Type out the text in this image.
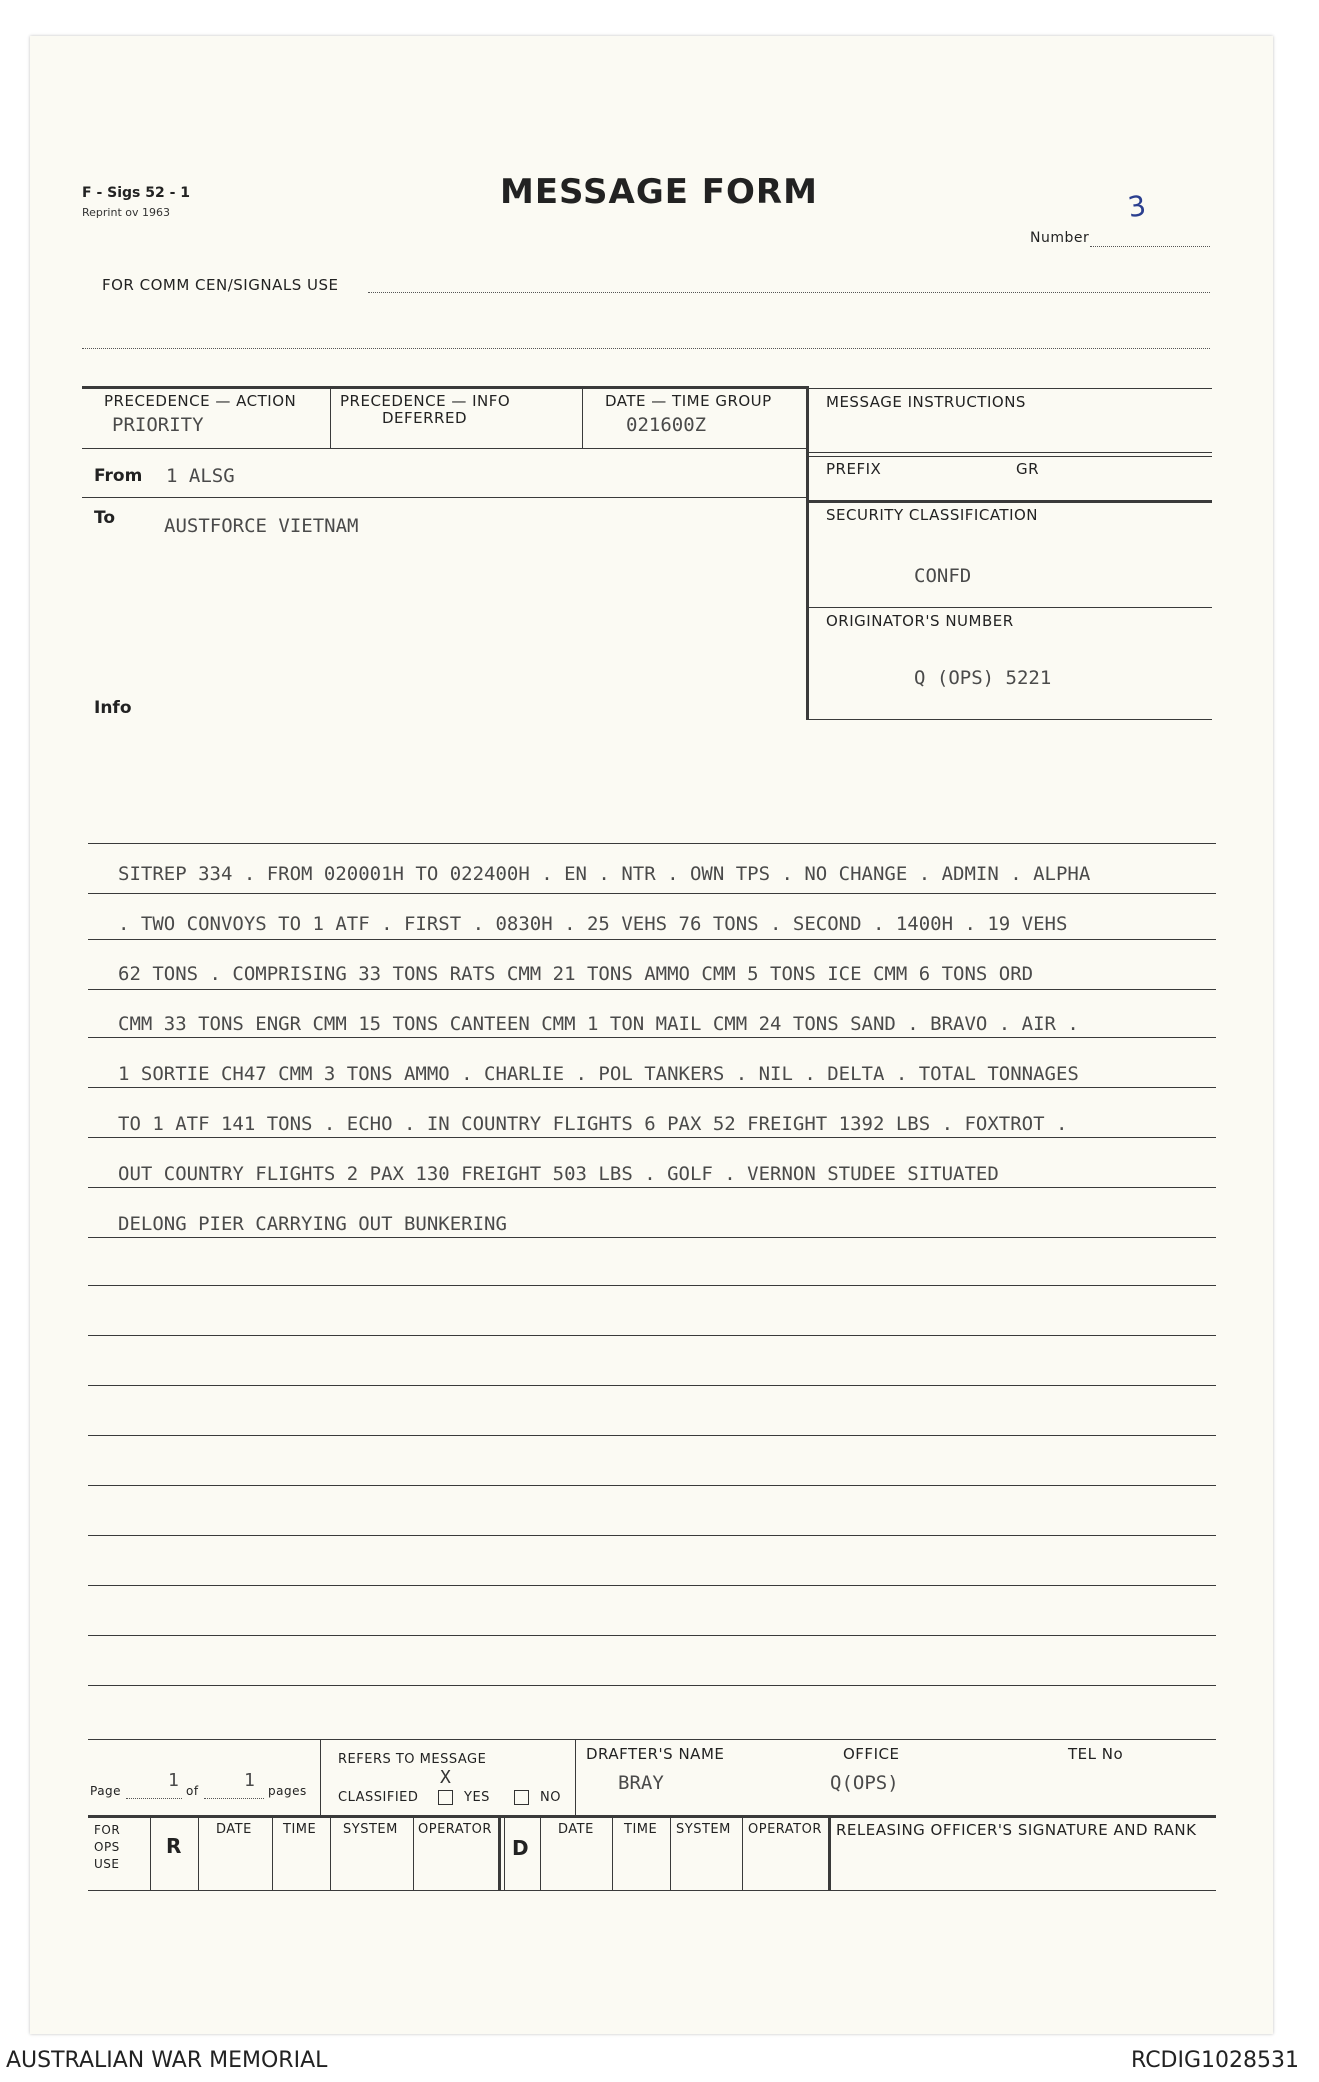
F - Sigs 52 - 1
Reprint ov 1963
MESSAGE FORM	3
Number
FOR COMM CEN/SIGNALS USE
PRECEDENCE — ACTION
PRIORITY
PRECEDENCE — INFO
DEFERRED
DATE — TIME GROUP
021600Z
MESSAGE INSTRUCTIONS
PREFIX	GR
SECURITY CLASSIFICATION
CONFD
ORIGINATOR'S NUMBER
Q (OPS) 5221
From 1 ALSG
To	AUSTFORCE VIETNAM
Info
SITREP 334 . FROM 020001H TO 022400H . EN . NTR . OWN TPS . NO CHANGE . ADMIN . ALPHA
. TWO CONVOYS TO 1 ATF . FIRST . 0830H . 25 VEHS 76 TONS . SECOND . 1400H . 19 VEHS
62 TONS . COMPRISING 33 TONS RATS CMM 21 TONS AMMO CMM 5 TONS ICE CMM 6 TONS ORD
CMM 33 TONS ENGR CMM 15 TONS CANTEEN CMM 1 TON MAIL CMM 24 TONS SAND . BRAVO . AIR .
1 SORTIE CH47 CMM 3 TONS AMMO . CHARLIE . POL TANKERS . NIL . DELTA . TOTAL TONNAGES
TO 1 ATF 141 TONS . ECHO . IN COUNTRY FLIGHTS 6 PAX 52 FREIGHT 1392 LBS . FOXTROT .
OUT COUNTRY FLIGHTS 2 PAX 130 FREIGHT 503 LBS . GOLF . VERNON STUDEE SITUATED
DELONG PIER CARRYING OUT BUNKERING
Page	1 of	1 pages
REFERS TO MESSAGE
CLASSIFIED
X
YES	NO
DRAFTER'S NAME
BRAY
OFFICE
Q(OPS)
TEL No
FOR OPS USE
R
DATE TIME SYSTEM OPERATOR
D
DATE TIME SYSTEM OPERATOR RELEASING OFFICER'S SIGNATURE AND RANK
AUSTRALIAN WAR MEMORIAL	RCDIG1028531
